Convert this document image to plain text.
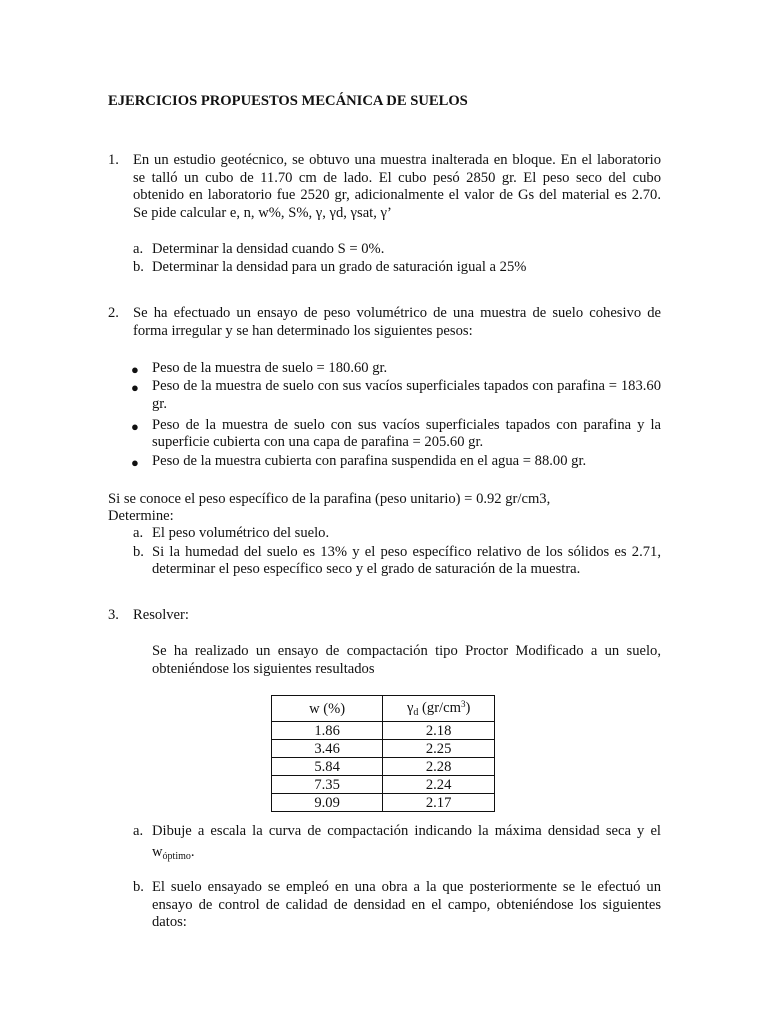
EJERCICIOS PROPUESTOS MECÁNICA DE SUELOS
1. En un estudio geotécnico, se obtuvo una muestra inalterada en bloque. En el laboratorio
se talló un cubo de 11.70 cm de lado. El cubo pesó 2850 gr. El peso seco del cubo
obtenido en laboratorio fue 2520 gr, adicionalmente el valor de Gs del material es 2.70.
Se pide calcular e, n, w%, S%, γ, γd, γsat, γ’
a. Determinar la densidad cuando S = 0%.
b. Determinar la densidad para un grado de saturación igual a 25%
2. Se ha efectuado un ensayo de peso volumétrico de una muestra de suelo cohesivo de
forma irregular y se han determinado los siguientes pesos:
● Peso de la muestra de suelo = 180.60 gr.
● Peso de la muestra de suelo con sus vacíos superficiales tapados con parafina = 183.60
gr.
● Peso de la muestra de suelo con sus vacíos superficiales tapados con parafina y la
superficie cubierta con una capa de parafina = 205.60 gr.
● Peso de la muestra cubierta con parafina suspendida en el agua = 88.00 gr.
Si se conoce el peso específico de la parafina (peso unitario) = 0.92 gr/cm3,
Determine:
a. El peso volumétrico del suelo.
b. Si la humedad del suelo es 13% y el peso específico relativo de los sólidos es 2.71,
determinar el peso específico seco y el grado de saturación de la muestra.
3. Resolver:
Se ha realizado un ensayo de compactación tipo Proctor Modificado a un suelo,
obteniéndose los siguientes resultados
w (%)	$\gamma_d$ $(gr/cm^3)$
1.86	2.18
3.46	2.25
5.84	2.28
7.35	2.24
9.09	2.17
a. Dibuje a escala la curva de compactación indicando la máxima densidad seca y el
$w_{óptimo}$.
b. El suelo ensayado se empleó en una obra a la que posteriormente se le efectuó un
ensayo de control de calidad de densidad en el campo, obteniéndose los siguientes
datos:
